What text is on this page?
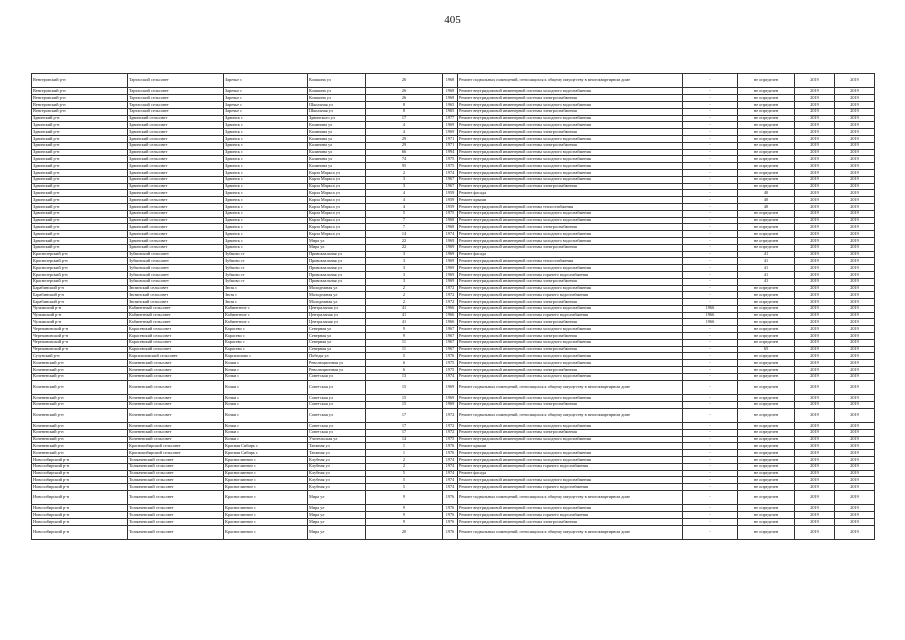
405
Венгеровский р-н	Тартасский сельсовет	Заречье с	Кошкина ул	26	1968	Ремонт подвальных помещений, относящихся к общему имуществу в многоквартирном доме	-	не определен	2019	2019
Венгеровский р-н	Тартасский сельсовет	Заречье с	Кошкина ул	26	1968	Ремонт внутридомовой инженерной системы холодного водоснабжения	-	не определен	2019	2019
Венгеровский р-н	Тартасский сельсовет	Заречье с	Кошкина ул	26	1968	Ремонт внутридомовой инженерной системы электроснабжения	-	не определен	2019	2019
Венгеровский р-н	Тартасский сельсовет	Заречье с	Школьная ул	8	1965	Ремонт внутридомовой инженерной системы холодного водоснабжения	-	не определен	2019	2019
Венгеровский р-н	Тартасский сельсовет	Заречье с	Школьная ул	8	1965	Ремонт внутридомовой инженерной системы электроснабжения	-	не определен	2019	2019
Здвинский р-н	Здвинский сельсовет	Здвинск с	Здвинского ул	17	1977	Ремонт внутридомовой инженерной системы холодного водоснабжения	-	не определен	2019	2019
Здвинский р-н	Здвинский сельсовет	Здвинск с	Калинина ул	4	1969	Ремонт внутридомовой инженерной системы холодного водоснабжения	-	не определен	2019	2019
Здвинский р-н	Здвинский сельсовет	Здвинск с	Калинина ул	4	1969	Ремонт внутридомовой инженерной системы электроснабжения	-	не определен	2019	2019
Здвинский р-н	Здвинский сельсовет	Здвинск с	Калинина ул	29	1971	Ремонт внутридомовой инженерной системы холодного водоснабжения	-	не определен	2019	2019
Здвинский р-н	Здвинский сельсовет	Здвинск с	Калинина ул	29	1971	Ремонт внутридомовой инженерной системы электроснабжения	-	не определен	2019	2019
Здвинский р-н	Здвинский сельсовет	Здвинск с	Калинина ул	66	1994	Ремонт внутридомовой инженерной системы холодного водоснабжения	-	не определен	2019	2019
Здвинский р-н	Здвинский сельсовет	Здвинск с	Калинина ул	74	1975	Ремонт внутридомовой инженерной системы холодного водоснабжения	-	не определен	2019	2019
Здвинский р-н	Здвинский сельсовет	Здвинск с	Калинина ул	95	1975	Ремонт внутридомовой инженерной системы холодного водоснабжения	-	не определен	2019	2019
Здвинский р-н	Здвинский сельсовет	Здвинск с	Карла Маркса ул	2	1974	Ремонт внутридомовой инженерной системы холодного водоснабжения	-	не определен	2019	2019
Здвинский р-н	Здвинский сельсовет	Здвинск с	Карла Маркса ул	3	1967	Ремонт внутридомовой инженерной системы холодного водоснабжения	-	не определен	2019	2019
Здвинский р-н	Здвинский сельсовет	Здвинск с	Карла Маркса ул	3	1967	Ремонт внутридомовой инженерной системы электроснабжения	-	не определен	2019	2019
Здвинский р-н	Здвинский сельсовет	Здвинск с	Карла Маркса ул	4	1959	Ремонт фасада	-	40	2019	2019
Здвинский р-н	Здвинский сельсовет	Здвинск с	Карла Маркса ул	4	1959	Ремонт крыши	-	40	2019	2019
Здвинский р-н	Здвинский сельсовет	Здвинск с	Карла Маркса ул	4	1959	Ремонт внутридомовой инженерной системы теплоснабжения	-	40	2019	2019
Здвинский р-н	Здвинский сельсовет	Здвинск с	Карла Маркса ул	5	1975	Ремонт внутридомовой инженерной системы холодного водоснабжения	-	не определен	2019	2019
Здвинский р-н	Здвинский сельсовет	Здвинск с	Карла Маркса ул	7	1968	Ремонт внутридомовой инженерной системы холодного водоснабжения	-	не определен	2019	2019
Здвинский р-н	Здвинский сельсовет	Здвинск с	Карла Маркса ул	7	1968	Ремонт внутридомовой инженерной системы электроснабжения	-	не определен	2019	2019
Здвинский р-н	Здвинский сельсовет	Здвинск с	Карла Маркса ул	14	1974	Ремонт внутридомовой инженерной системы холодного водоснабжения	-	не определен	2019	2019
Здвинский р-н	Здвинский сельсовет	Здвинск с	Мира ул	22	1969	Ремонт внутридомовой инженерной системы холодного водоснабжения	-	не определен	2019	2019
Здвинский р-н	Здвинский сельсовет	Здвинск с	Мира ул	22	1969	Ремонт внутридомовой инженерной системы электроснабжения	-	не определен	2019	2019
Краснозерский р-н	Зубковский сельсовет	Зубково ст	Привокзальная ул	3	1969	Ремонт фасада	-	41	2019	2019
Краснозерский р-н	Зубковский сельсовет	Зубково ст	Привокзальная ул	3	1969	Ремонт внутридомовой инженерной системы теплоснабжения	-	41	2019	2019
Краснозерский р-н	Зубковский сельсовет	Зубково ст	Привокзальная ул	3	1969	Ремонт внутридомовой инженерной системы холодного водоснабжения	-	41	2019	2019
Краснозерский р-н	Зубковский сельсовет	Зубково ст	Привокзальная ул	3	1969	Ремонт внутридомовой инженерной системы горячего водоснабжения	-	41	2019	2019
Краснозерский р-н	Зубковский сельсовет	Зубково ст	Привокзальная ул	3	1969	Ремонт внутридомовой инженерной системы электроснабжения	-	41	2019	2019
Барабинский р-н	Зюзинский сельсовет	Зюзя с	Молодежная ул	2	1972	Ремонт внутридомовой инженерной системы холодного водоснабжения	-	не определен	2019	2019
Барабинский р-н	Зюзинский сельсовет	Зюзя с	Молодежная ул	2	1972	Ремонт внутридомовой инженерной системы горячего водоснабжения	-	не определен	2019	2019
Барабинский р-н	Зюзинский сельсовет	Зюзя с	Молодежная ул	2	1972	Ремонт внутридомовой инженерной системы электроснабжения	-	не определен	2019	2019
Чулымский р-н	Кабинетный сельсовет	Кабинетное с	Центральная ул	41	1966	Ремонт внутридомовой инженерной системы холодного водоснабжения	1966	не определен	2019	2019
Чулымский р-н	Кабинетный сельсовет	Кабинетное с	Центральная ул	41	1966	Ремонт внутридомовой инженерной системы горячего водоснабжения	1966	не определен	2019	2019
Чулымский р-н	Кабинетный сельсовет	Кабинетное с	Центральная ул	41	1966	Ремонт внутридомовой инженерной системы электроснабжения	1966	не определен	2019	2019
Черепановский р-н	Карасевский сельсовет	Карасево с	Северная ул	9	1967	Ремонт внутридомовой инженерной системы холодного водоснабжения	-	не определен	2019	2019
Черепановский р-н	Карасевский сельсовет	Карасево с	Северная ул	9	1967	Ремонт внутридомовой инженерной системы электроснабжения	-	не определен	2019	2019
Черепановский р-н	Карасевский сельсовет	Карасево с	Северная ул	11	1967	Ремонт внутридомовой инженерной системы холодного водоснабжения	-	не определен	2019	2019
Черепановский р-н	Карасевский сельсовет	Карасево с	Северная ул	11	1967	Ремонт внутридомовой инженерной системы электроснабжения	-	65	2019	2019
Сузунский р-н	Каргаполовский сельсовет	Каргаполово с	Победы ул	5	1976	Ремонт внутридомовой инженерной системы холодного водоснабжения	-	не определен	2019	2019
Коченевский р-н	Коченевский сельсовет	Кочки с	Революционная ул	6	1975	Ремонт внутридомовой инженерной системы холодного водоснабжения	-	не определен	2019	2019
Коченевский р-н	Коченевский сельсовет	Кочки с	Революционная ул	6	1975	Ремонт внутридомовой инженерной системы электроснабжения	-	не определен	2019	2019
Коченевский р-н	Коченевский сельсовет	Кочки с	Советская ул	13	1974	Ремонт внутридомовой инженерной системы холодного водоснабжения	-	не определен	2019	2019
Коченевский р-н	Коченевский сельсовет	Кочки с	Советская ул	15	1969	Ремонт подвальных помещений, относящихся к общему имуществу в многоквартирном доме	-	не определен	2019	2019
Коченевский р-н	Коченевский сельсовет	Кочки с	Советская ул	15	1969	Ремонт внутридомовой инженерной системы холодного водоснабжения	-	не определен	2019	2019
Коченевский р-н	Коченевский сельсовет	Кочки с	Советская ул	15	1969	Ремонт внутридомовой инженерной системы электроснабжения	-	не определен	2019	2019
Коченевский р-н	Коченевский сельсовет	Кочки с	Советская ул	17	1972	Ремонт подвальных помещений, относящихся к общему имуществу в многоквартирном доме	-	не определен	2019	2019
Коченевский р-н	Коченевский сельсовет	Кочки с	Советская ул	17	1972	Ремонт внутридомовой инженерной системы холодного водоснабжения	-	не определен	2019	2019
Коченевский р-н	Коченевский сельсовет	Кочки с	Советская ул	17	1972	Ремонт внутридомовой инженерной системы электроснабжения	-	не определен	2019	2019
Коченевский р-н	Коченевский сельсовет	Кочки с	Учительская ул	14	1975	Ремонт внутридомовой инженерной системы холодного водоснабжения	-	не определен	2019	2019
Коченевский р-н	Краснокибирский сельсовет	Красная Сибирь с	Таежная ул	1	1976	Ремонт крыши	-	не определен	2019	2019
Коченевский р-н	Краснокибирский сельсовет	Красная Сибирь с	Таежная ул	1	1976	Ремонт внутридомовой инженерной системы холодного водоснабжения	-	не определен	2019	2019
Новосибирский р-н	Толмачевский сельсовет	Красноглинное с	Клубная ул	2	1974	Ремонт внутридомовой инженерной системы холодного водоснабжения	-	не определен	2019	2019
Новосибирский р-н	Толмачевский сельсовет	Красноглинное с	Клубная ул	2	1974	Ремонт внутридомовой инженерной системы горячего водоснабжения	-	не определен	2019	2019
Новосибирский р-н	Толмачевский сельсовет	Красноглинное с	Клубная ул	5	1974	Ремонт фасада	-	не определен	2019	2019
Новосибирский р-н	Толмачевский сельсовет	Красноглинное с	Клубная ул	5	1974	Ремонт внутридомовой инженерной системы холодного водоснабжения	-	не определен	2019	2019
Новосибирский р-н	Толмачевский сельсовет	Красноглинное с	Клубная ул	5	1974	Ремонт внутридомовой инженерной системы горячего водоснабжения	-	не определен	2019	2019
Новосибирский р-н	Толмачевский сельсовет	Красноглинное с	Мира ул	9	1976	Ремонт подвальных помещений, относящихся к общему имуществу в многоквартирном доме	-	не определен	2019	2019
Новосибирский р-н	Толмачевский сельсовет	Красноглинное с	Мира ул	9	1976	Ремонт внутридомовой инженерной системы холодного водоснабжения	-	не определен	2019	2019
Новосибирский р-н	Толмачевский сельсовет	Красноглинное с	Мира ул	9	1976	Ремонт внутридомовой инженерной системы горячего водоснабжения	-	не определен	2019	2019
Новосибирский р-н	Толмачевский сельсовет	Красноглинное с	Мира ул	9	1976	Ремонт внутридомовой инженерной системы электроснабжения	-	не определен	2019	2019
Новосибирский р-н	Толмачевский сельсовет	Красноглинное с	Мира ул	20	1976	Ремонт подвальных помещений, относящихся к общему имуществу в многоквартирном доме	-	не определен	2019	2019
